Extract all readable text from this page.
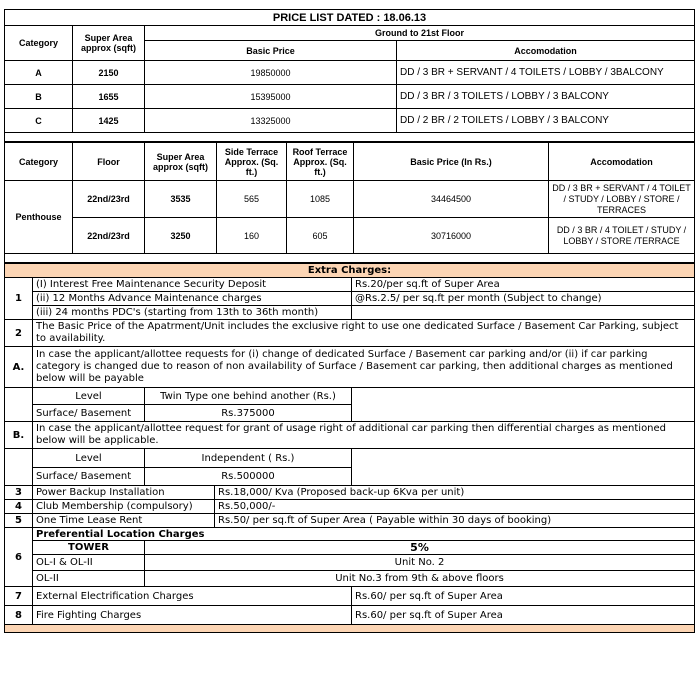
PRICE LIST DATED : 18.06.13			
Category	Super Area approx (sqft)	Ground to 21st Floor	
		Basic Price	Accomodation
A	2150	19850000	DD / 3 BR + SERVANT / 4 TOILETS / LOBBY / 3BALCONY
B	1655	15395000	DD / 3 BR / 3 TOILETS / LOBBY / 3 BALCONY
C	1425	13325000	DD / 2 BR / 2 TOILETS / LOBBY / 3 BALCONY

Category	Floor	Super Area approx (sqft)	Side Terrace Approx. (Sq. ft.)	Roof Terrace Approx. (Sq. ft.)	Basic Price (In Rs.)	Accomodation
Penthouse	22nd/23rd	3535	565	1085	34464500	DD / 3 BR + SERVANT / 4 TOILET / STUDY / LOBBY / STORE / TERRACES
	22nd/23rd	3250	160	605	30716000	DD / 3 BR / 4 TOILET / STUDY / LOBBY / STORE /TERRACE

Extra Charges:				
1	(I) Interest Free Maintenance Security Deposit			Rs.20/per sq.ft of Super Area
	(ii) 12 Months Advance Maintenance charges			@Rs.2.5/ per sq.ft per month (Subject to change)
	(iii) 24 months PDC's (starting from 13th to 36th month)			
2	The Basic Price of the Apatrment/Unit includes the exclusive right to use one dedicated Surface / Basement Car Parking, subject to availability.			
A.	In case the applicant/allottee requests for (i) change of dedicated Surface / Basement car parking and/or (ii) if car parking category is changed due to reason of non availability of Surface / Basement car parking, then additional charges as mentioned below will be payable			
	Level	Twin Type one behind another (Rs.)		
	Surface/ Basement	Rs.375000		
B.	In case the applicant/allottee request for grant of usage right of additional car parking then differential charges as mentioned below will be applicable.			
	Level	Independent ( Rs.)		
	Surface/ Basement	Rs.500000		
3	Power Backup Installation		Rs.18,000/ Kva (Proposed back-up 6Kva per unit)	
4	Club Membership (compulsory)		Rs.50,000/-	
5	One Time Lease Rent		Rs.50/ per sq.ft of Super Area ( Payable within 30 days of booking)	
6	Preferential Location Charges			
	TOWER	5%		
	OL-I & OL-II	Unit No. 2		
	OL-II	Unit No.3 from 9th & above floors		
7	External Electrification Charges			Rs.60/ per sq.ft of Super Area
8	Fire Fighting Charges			Rs.60/ per sq.ft of Super Area
